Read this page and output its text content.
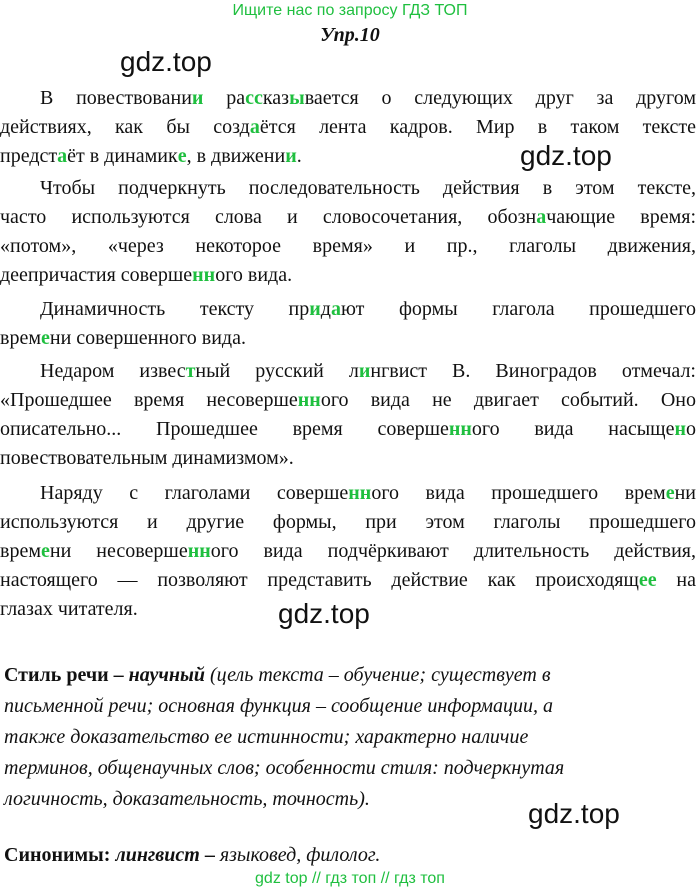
Ищите нас по запросу ГДЗ ТОП
Упр.10
gdz.top
В повествовании рассказывается о следующих друг за другом
действиях, как бы создаётся лента кадров. Мир в таком тексте
предстаёт в динамике, в движении.	gdz.top
Чтобы подчеркнуть последовательность действия в этом тексте,
часто используются слова и словосочетания, обозначающие время:
«потом», «через некоторое время» и пр., глаголы движения,
деепричастия совершенного вида.
Динамичность тексту придают формы глагола прошедшего
времени совершенного вида.
Недаром известный русский лингвист В. Виноградов отмечал:
«Прошедшее время несовершенного вида не двигает событий. Оно
описательно... Прошедшее время совершенного вида насыщено
повествовательным динамизмом».
Наряду с глаголами совершенного вида прошедшего времени
используются и другие формы, при этом глаголы прошедшего
времени несовершенного вида подчёркивают длительность действия,
настоящего — позволяют представить действие как происходящее на
глазах читателя.	gdz.top
Стиль речи – научный (цель текста – обучение; существует в
письменной речи; основная функция – сообщение информации, а
также доказательство ее истинности; характерно наличие
терминов, общенаучных слов; особенности стиля: подчеркнутая
логичность, доказательность, точность).	gdz.top
Синонимы: лингвист – языковед, филолог.
gdz top // гдз топ // гдз топ
